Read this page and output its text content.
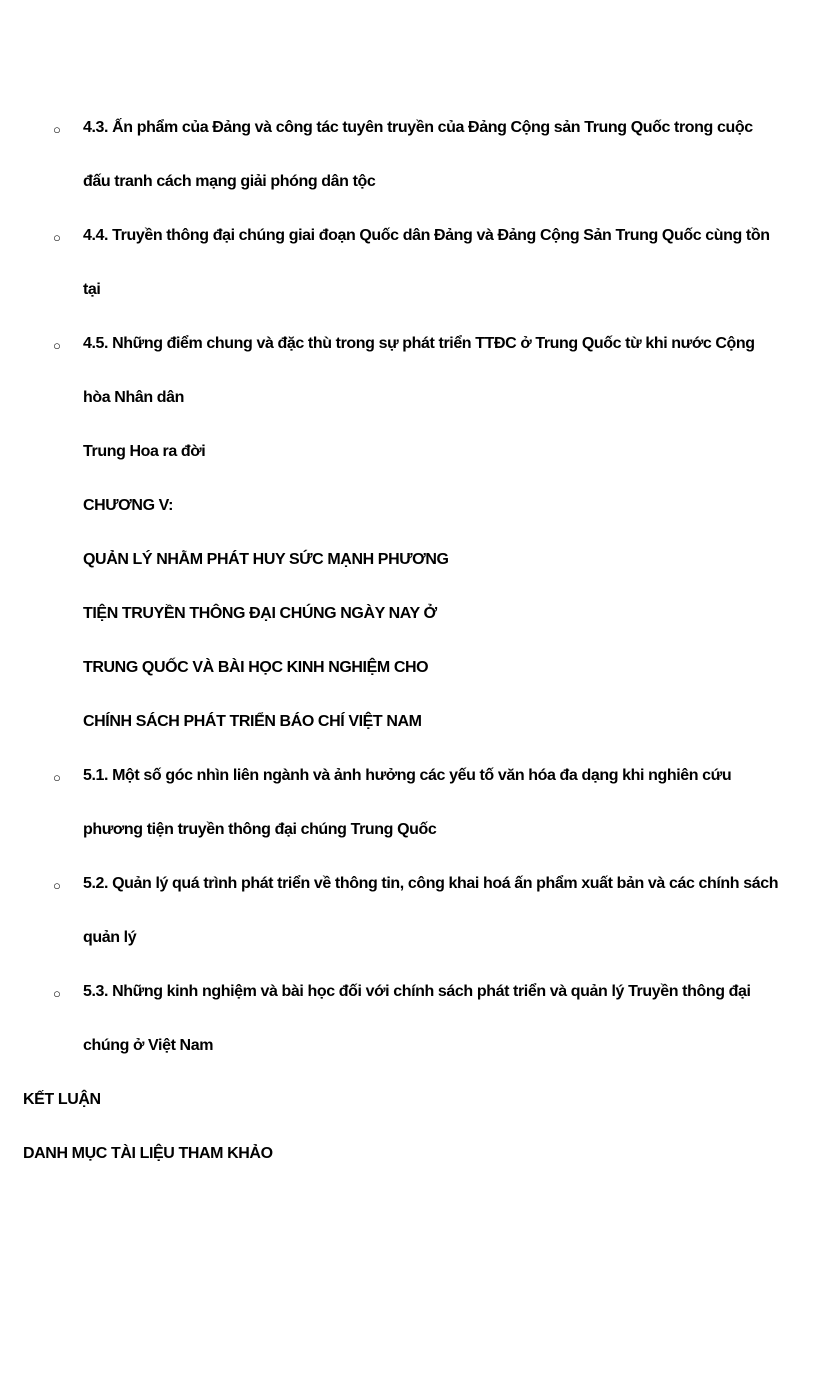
○ 4.3. Ấn phẩm của Đảng và công tác tuyên truyền của Đảng Cộng sản Trung Quốc trong cuộc
đấu tranh cách mạng giải phóng dân tộc
○ 4.4. Truyền thông đại chúng giai đoạn Quốc dân Đảng và Đảng Cộng Sản Trung Quốc cùng tồn
tại
○ 4.5. Những điểm chung và đặc thù trong sự phát triển TTĐC ở Trung Quốc từ khi nước Cộng
hòa Nhân dân
Trung Hoa ra đời
CHƯƠNG V:
QUẢN LÝ NHẰM PHÁT HUY SỨC MẠNH PHƯƠNG
TIỆN TRUYỀN THÔNG ĐẠI CHÚNG NGÀY NAY Ở
TRUNG QUỐC VÀ BÀI HỌC KINH NGHIỆM CHO
CHÍNH SÁCH PHÁT TRIỂN BÁO CHÍ VIỆT NAM
○ 5.1. Một số góc nhìn liên ngành và ảnh hưởng các yếu tố văn hóa đa dạng khi nghiên cứu
phương tiện truyền thông đại chúng Trung Quốc
○ 5.2. Quản lý quá trình phát triển về thông tin, công khai hoá ấn phẩm xuất bản và các chính sách
quản lý
○ 5.3. Những kinh nghiệm và bài học đối với chính sách phát triển và quản lý Truyền thông đại
chúng ở Việt Nam
KẾT LUẬN
DANH MỤC TÀI LIỆU THAM KHẢO
